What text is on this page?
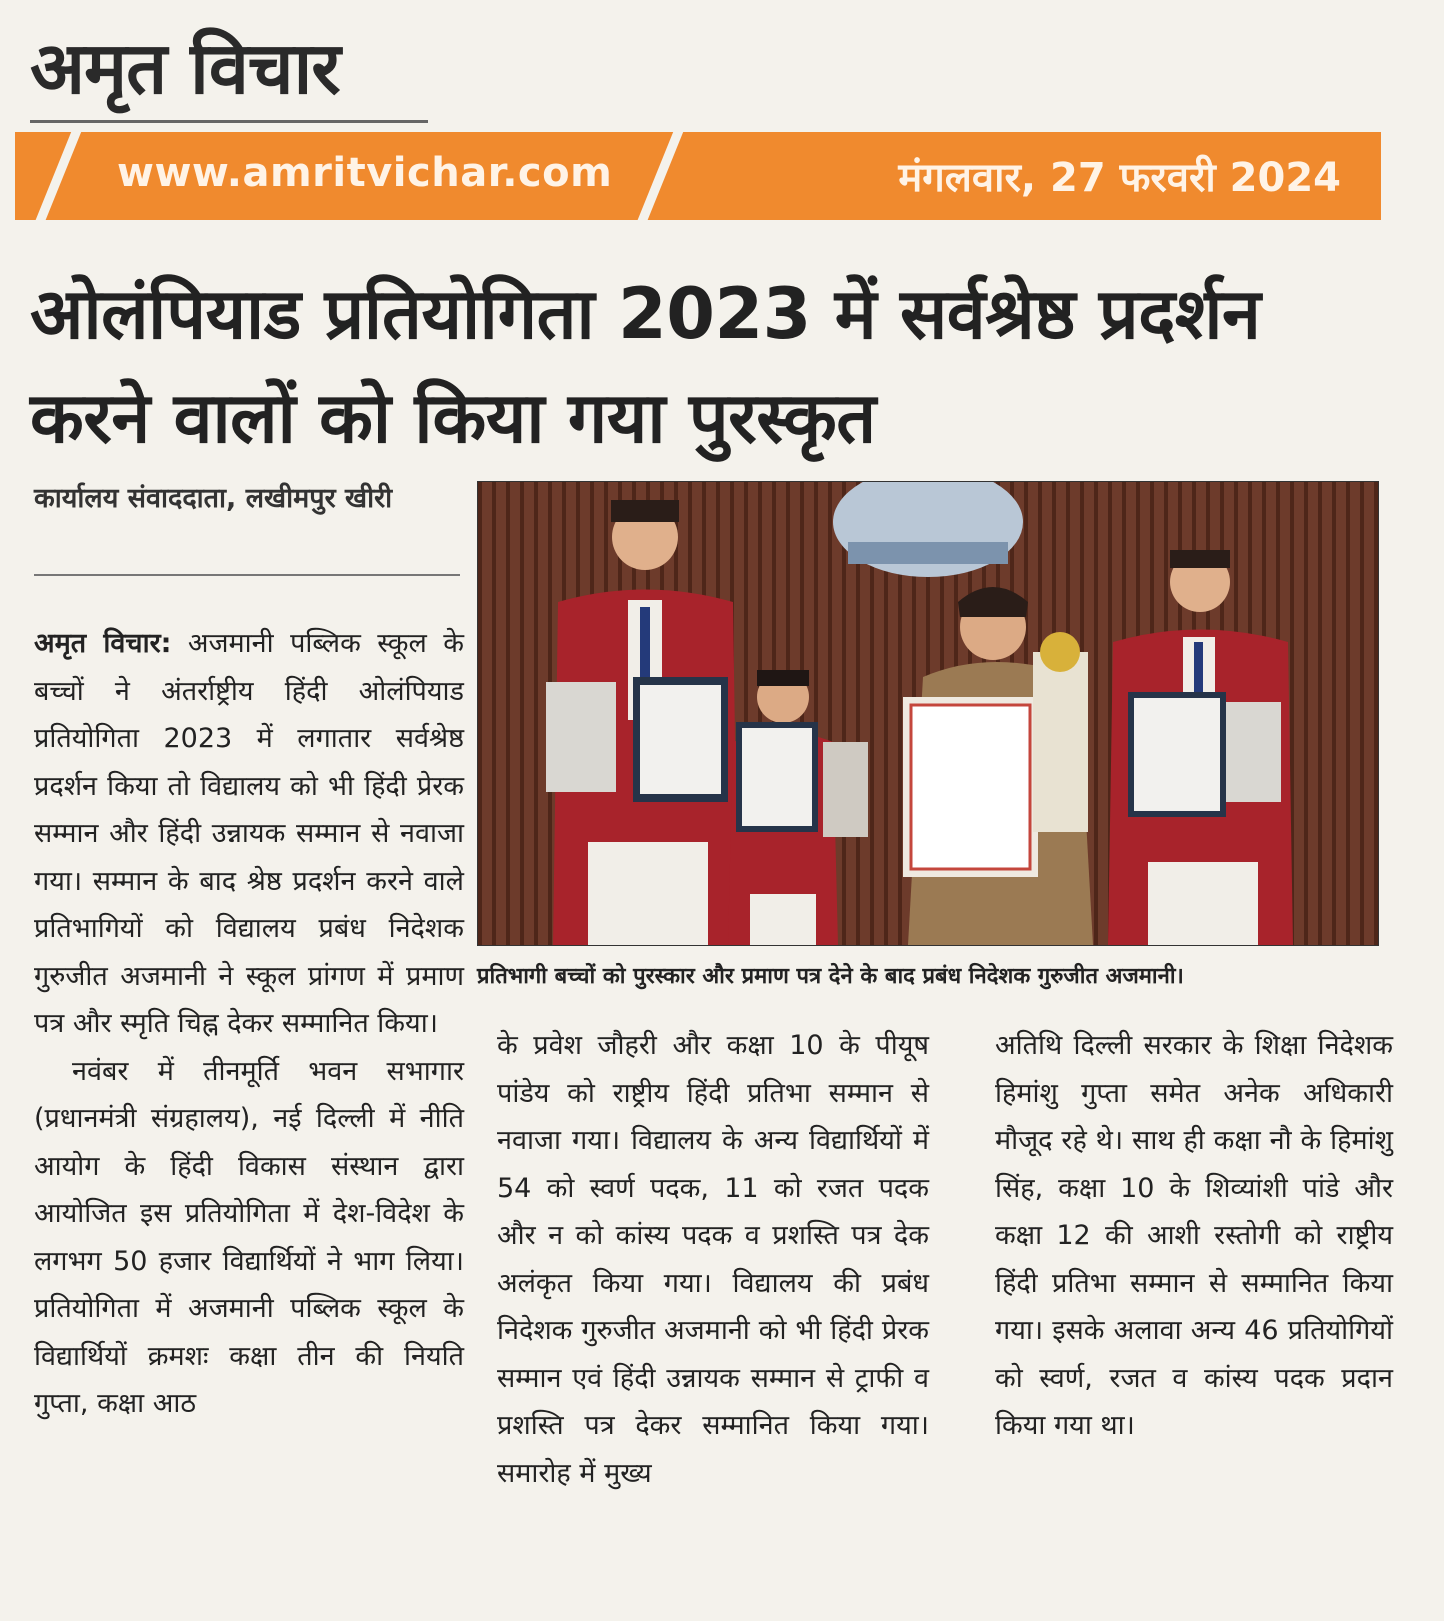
अमृत विचार
www.amritvichar.com	मंगलवार, 27 फरवरी 2024
ओलंपियाड प्रतियोगिता 2023 में सर्वश्रेष्ठ प्रदर्शन करने वालों को किया गया पुरस्कृत
कार्यालय संवाददाता, लखीमपुर खीरी
प्रतिभागी बच्चों को पुरस्कार और प्रमाण पत्र देने के बाद प्रबंध निदेशक गुरुजीत अजमानी।

अमृत विचार: अजमानी पब्लिक स्कूल के बच्चों ने अंतर्राष्ट्रीय हिंदी ओलंपियाड प्रतियोगिता 2023 में लगातार सर्वश्रेष्ठ प्रदर्शन किया तो विद्यालय को भी हिंदी प्रेरक सम्मान और हिंदी उन्नायक सम्मान से नवाजा गया। सम्मान के बाद श्रेष्ठ प्रदर्शन करने वाले प्रतिभागियों को विद्यालय प्रबंध निदेशक गुरुजीत अजमानी ने स्कूल प्रांगण में प्रमाण पत्र और स्मृति चिह्न देकर सम्मानित किया।

नवंबर में तीनमूर्ति भवन सभागार (प्रधानमंत्री संग्रहालय), नई दिल्ली में नीति आयोग के हिंदी विकास संस्थान द्वारा आयोजित इस प्रतियोगिता में देश-विदेश के लगभग 50 हजार विद्यार्थियों ने भाग लिया। प्रतियोगिता में अजमानी पब्लिक स्कूल के विद्यार्थियों क्रमशः कक्षा तीन की नियति गुप्ता, कक्षा आठ

के प्रवेश जौहरी और कक्षा 10 के पीयूष पांडेय को राष्ट्रीय हिंदी प्रतिभा सम्मान से नवाजा गया। विद्यालय के अन्य विद्यार्थियों में 54 को स्वर्ण पदक, 11 को रजत पदक और न को कांस्य पदक व प्रशस्ति पत्र देक अलंकृत किया गया। विद्यालय की प्रबंध निदेशक गुरुजीत अजमानी को भी हिंदी प्रेरक सम्मान एवं हिंदी उन्नायक सम्मान से ट्राफी व प्रशस्ति पत्र देकर सम्मानित किया गया। समारोह में मुख्य

अतिथि दिल्ली सरकार के शिक्षा निदेशक हिमांशु गुप्ता समेत अनेक अधिकारी मौजूद रहे थे। साथ ही कक्षा नौ के हिमांशु सिंह, कक्षा 10 के शिव्यांशी पांडे और कक्षा 12 की आशी रस्तोगी को राष्ट्रीय हिंदी प्रतिभा सम्मान से सम्मानित किया गया। इसके अलावा अन्य 46 प्रतियोगियों को स्वर्ण, रजत व कांस्य पदक प्रदान किया गया था।
